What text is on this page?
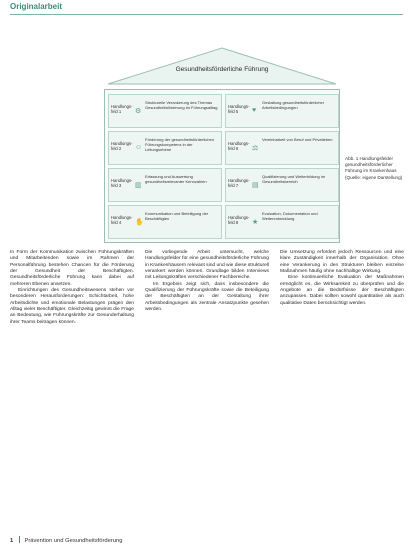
Originalarbeit
Gesundheitsförderliche Führung
Handlungs-
feld 1	⚙
Strukturelle Verankerung des Themas Gesundheitsförderung im Führungsalltag
Handlungs-
feld 2	☺
Förderung der gesundheitsförderlichen Führungskompetenz in der Leitungsebene
Handlungs-
feld 3	▥
Erfassung und Auswertung gesundheitsrelevanter Kennzahlen
Handlungs-
feld 4	✋
Kommunikation und Beteiligung der Beschäftigten
Handlungs-
feld 5	♥
Gestaltung gesundheitsförderlicher Arbeitsbedingungen
Handlungs-
feld 6	⚖
Vereinbarkeit von Beruf und Privatleben
Handlungs-
feld 7	▤
Qualifizierung und Weiterbildung im Gesundheitsbereich
Handlungs-
feld 8	★
Evaluation, Dokumentation und Weiterentwicklung
Abb. 1 Handlungsfelder gesundheitsförderlicher Führung im Krankenhaus (Quelle: eigene Darstellung)

In Form der Kommunikation zwischen Führungskräften und Mitarbeitenden sowie im Rahmen der Personalführung bestehen Chancen für die Förderung der Gesundheit der Beschäftigten. Gesundheitsförderliche Führung kann dabei auf mehreren Ebenen ansetzen.

Einrichtungen des Gesundheitswesens stehen vor besonderen Herausforderungen: Schichtarbeit, hohe Arbeitsdichte und emotionale Belastungen prägen den Alltag vieler Beschäftigter. Gleichzeitig gewinnt die Frage an Bedeutung, wie Führungskräfte zur Gesunderhaltung ihrer Teams beitragen können.

Die vorliegende Arbeit untersucht, welche Handlungsfelder für eine gesundheitsförderliche Führung in Krankenhäusern relevant sind und wie diese strukturell verankert werden können. Grundlage bilden Interviews mit Leitungskräften verschiedener Fachbereiche.

Im Ergebnis zeigt sich, dass insbesondere die Qualifizierung der Führungskräfte sowie die Beteiligung der Beschäftigten an der Gestaltung ihrer Arbeitsbedingungen als zentrale Ansatzpunkte gesehen werden.

Die Umsetzung erfordert jedoch Ressourcen und eine klare Zuständigkeit innerhalb der Organisation. Ohne eine Verankerung in den Strukturen bleiben einzelne Maßnahmen häufig ohne nachhaltige Wirkung.

Eine kontinuierliche Evaluation der Maßnahmen ermöglicht es, die Wirksamkeit zu überprüfen und die Angebote an die Bedürfnisse der Beschäftigten anzupassen. Dabei sollten sowohl quantitative als auch qualitative Daten berücksichtigt werden.

1 Prävention und Gesundheitsförderung
